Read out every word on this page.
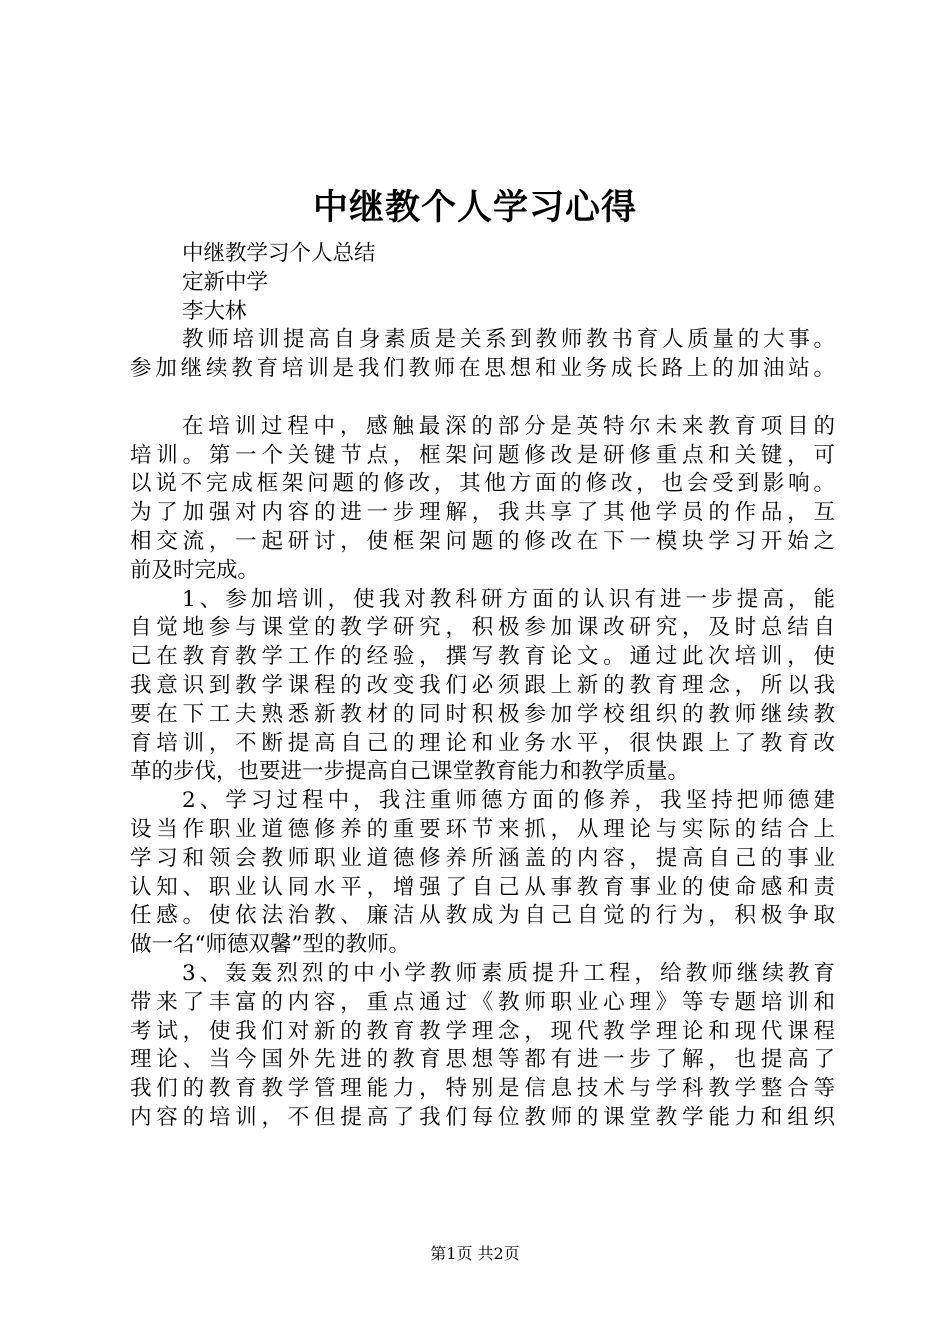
中继教个人学习心得
中继教学习个人总结
定新中学
李大林
教师培训提高自身素质是关系到教师教书育人质量的大事。
参加继续教育培训是我们教师在思想和业务成长路上的加油站。
在培训过程中，感触最深的部分是英特尔未来教育项目的
培训。第一个关键节点，框架问题修改是研修重点和关键，可
以说不完成框架问题的修改，其他方面的修改，也会受到影响。
为了加强对内容的进一步理解，我共享了其他学员的作品，互
相交流，一起研讨，使框架问题的修改在下一模块学习开始之
前及时完成。
1、参加培训，使我对教科研方面的认识有进一步提高，能
自觉地参与课堂的教学研究，积极参加课改研究，及时总结自
己在教育教学工作的经验，撰写教育论文。通过此次培训，使
我意识到教学课程的改变我们必须跟上新的教育理念，所以我
要在下工夫熟悉新教材的同时积极参加学校组织的教师继续教
育培训，不断提高自己的理论和业务水平，很快跟上了教育改
革的步伐，也要进一步提高自己课堂教育能力和教学质量。
2、学习过程中，我注重师德方面的修养，我坚持把师德建
设当作职业道德修养的重要环节来抓，从理论与实际的结合上
学习和领会教师职业道德修养所涵盖的内容，提高自己的事业
认知、职业认同水平，增强了自己从事教育事业的使命感和责
任感。使依法治教、廉洁从教成为自己自觉的行为，积极争取
做一名“师德双馨”型的教师。
3、轰轰烈烈的中小学教师素质提升工程，给教师继续教育
带来了丰富的内容，重点通过《教师职业心理》等专题培训和
考试，使我们对新的教育教学理念，现代教学理论和现代课程
理论、当今国外先进的教育思想等都有进一步了解，也提高了
我们的教育教学管理能力，特别是信息技术与学科教学整合等
内容的培训，不但提高了我们每位教师的课堂教学能力和组织
第1页 共2页
